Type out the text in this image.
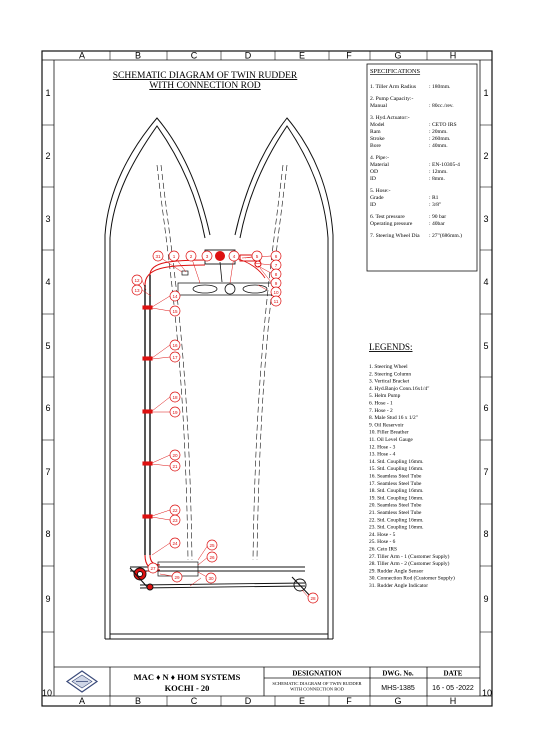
A	B	C	D	E	F	G	H
A	B	C	D	E	F	G	H
1
2
3
4
5
6
7
8
9
10
1
2
3
4
5
6
7
8
9
10
SCHEMATIC DIAGRAM OF TWIN RUDDER
WITH CONNECTION ROD
31	1	2	3	4	5	6
7
8
9
10
11
12
13
14
15
16
17
18
19
20
21
22
23
24	25
26
27
28
29	30
SPECIFICATIONS
1. Tiller Arm Radius : 180mm.
2. Pump Capacity:-
Manual	: 80cc./rev.
3. Hyd.Actuator:-
Model	: CETO IRS
Ram	: 20mm.
Stroke	: 260mm.
Bore	: 40mm.
4. Pipe:-
Material	: EN-10305-4
OD	: 12mm.
ID	: 8mm.
5. Hose:-
Grade	: R1
ID	: 3/8"
6. Test pressure	: 90 bar
Operating pressure	: 40bar
7. Steering Wheel Dia : 27"(686mm.)
LEGENDS:
1. Steering Wheel
2. Steering Column
3. Vertical Bracket
4. Hyd.Banjo Conn.16x1/4"
5. Helm Pump
6. Hose - 1
7. Hose - 2
8. Male Stud 16 x 1/2"
9. Oil Reservoir
10. Filler Breather
11. Oil Level Gauge
12. Hose - 3
13. Hose - 4
14. Std. Coupling 16mm.
15. Std. Coupling 16mm.
16. Seamless Steel Tube
17. Seamless Steel Tube
18. Std. Coupling 16mm.
19. Std. Coupling 16mm.
20. Seamless Steel Tube
21. Seamless Steel Tube
22. Std. Coupling 16mm.
23. Std. Coupling 16mm.
24. Hose - 5
25. Hose - 6
26. Ceto IRS
27. Tiller Arm - 1 (Customer Supply)
28. Tiller Arm - 2 (Customer Supply)
29. Rudder Angle Sensor
30. Connection Rod (Customer Supply)
31. Rudder Angle Indicator
MAC ♦ N ♦ HOM SYSTEMS
KOCHI - 20
DESIGNATION
SCHEMATIC DIAGRAM OF TWIN RUDDER
WITH CONNECTION ROD
DWG. No.
MHS-1385
DATE
16 - 05 -2022
